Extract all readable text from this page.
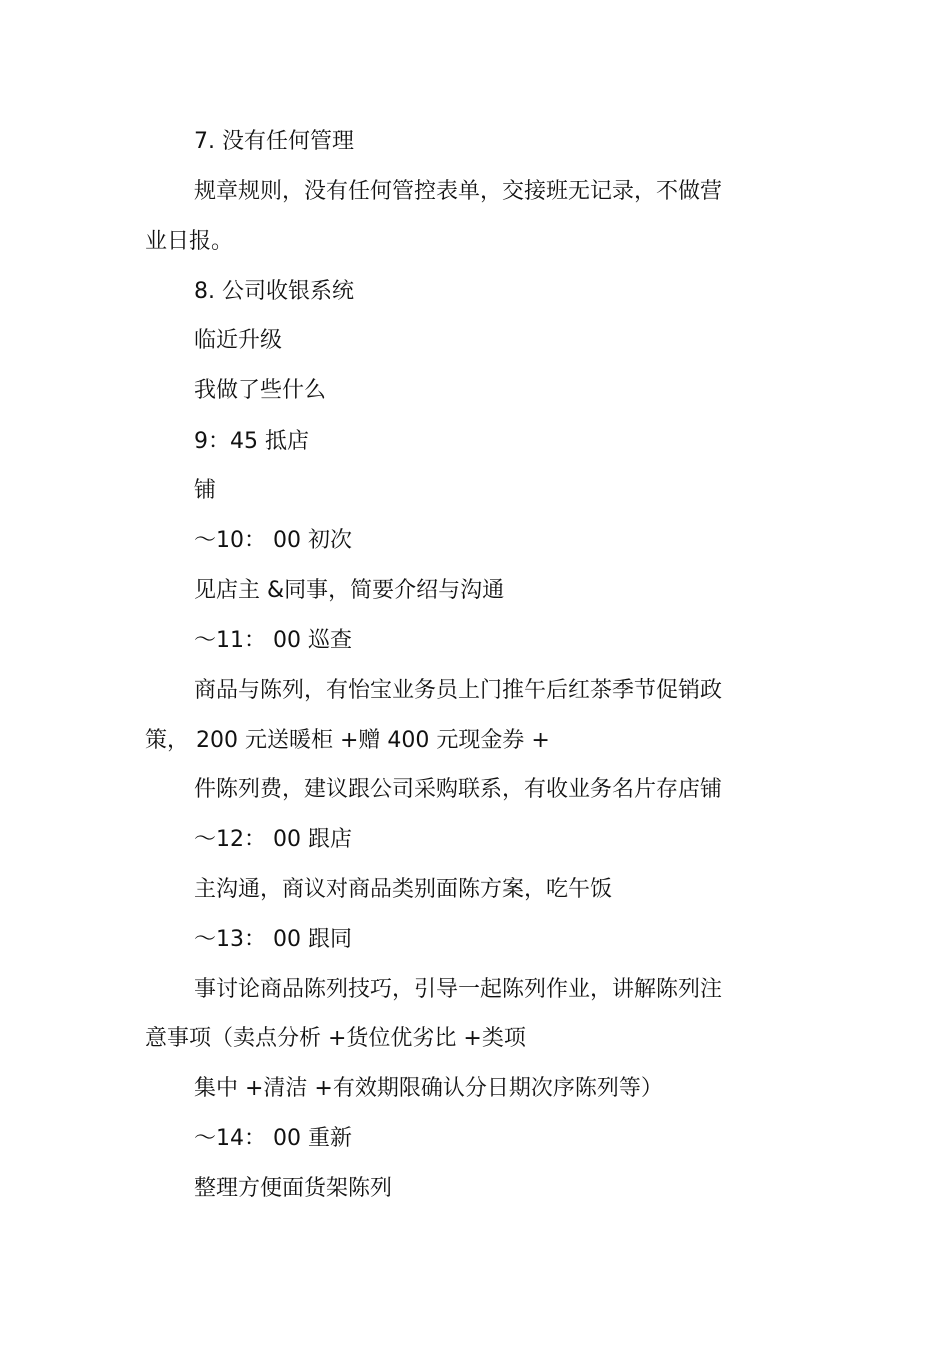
7. 没有任何管理
规章规则，没有任何管控表单，交接班无记录，不做营
业日报。
8. 公司收银系统
临近升级
我做了些什么
9：45 抵店
铺
～10： 00 初次
见店主 &同事，简要介绍与沟通
～11： 00 巡查
商品与陈列，有怡宝业务员上门推午后红茶季节促销政
策， 200 元送暖柜 +赠 400 元现金券 +
件陈列费，建议跟公司采购联系，有收业务名片存店铺
～12： 00 跟店
主沟通，商议对商品类别面陈方案，吃午饭
～13： 00 跟同
事讨论商品陈列技巧，引导一起陈列作业，讲解陈列注
意事项（卖点分析 +货位优劣比 +类项
集中 +清洁 +有效期限确认分日期次序陈列等）
～14： 00 重新
整理方便面货架陈列
